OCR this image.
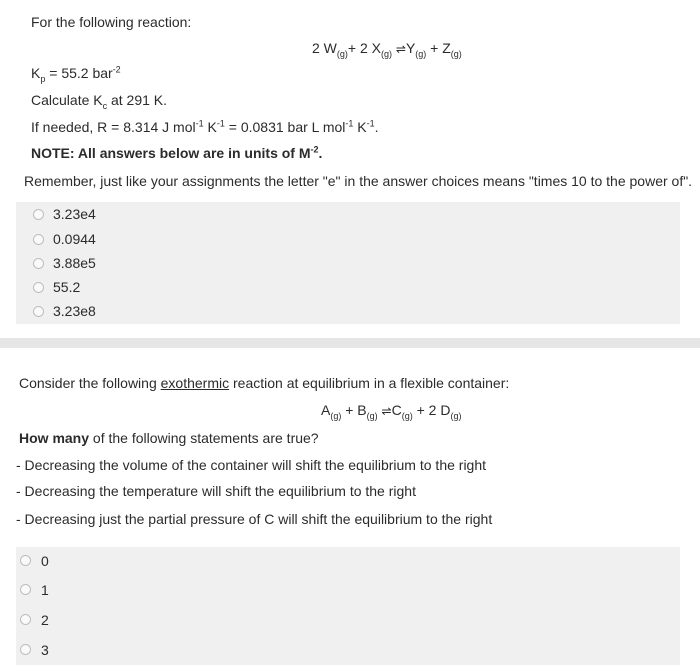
For the following reaction:
2 $W_{(g)}+ 2$ $X_{(g)}$ $\rightleftharpoons Y_{(g)} + Z_{(g)}$
$K_p = 55.2$ bar$^{-2}$
Calculate $K_c$ at 291 K.
If needed, R = 8.314 J mol$^{-1}$ $K^{-1} = 0.0831$ bar L mol$^{-1}$ $K^{-1}$.
NOTE: All answers below are in units of $M^{-2}$.
Remember, just like your assignments the letter "e" in the answer choices means "times 10 to the power of".
3.23e4
0.0944
3.88e5
55.2
3.23e8
Consider the following exothermic reaction at equilibrium in a flexible container:
$A_{(g)} + B_{(g)}$ $\rightleftharpoons C_{(g)} + 2$ $D_{(g)}$
How many of the following statements are true?
- Decreasing the volume of the container will shift the equilibrium to the right
- Decreasing the temperature will shift the equilibrium to the right
- Decreasing just the partial pressure of C will shift the equilibrium to the right
0
1
2
3
